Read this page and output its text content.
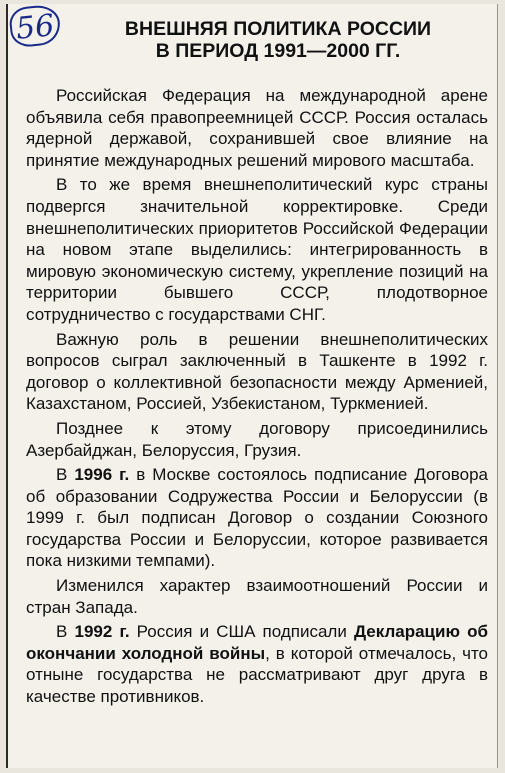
56	ВНЕШНЯЯ ПОЛИТИКА РОССИИ
В ПЕРИОД 1991—2000 ГГ.

Российская Федерация на международной арене объявила себя правопреемницей СССР. Россия осталась ядерной державой, сохранившей свое влияние на принятие международных решений мирового масштаба.

В то же время внешнеполитический курс страны подвергся значительной корректировке. Среди внешнеполитических приоритетов Российской Федерации на новом этапе выделились: интегрированность в мировую экономическую систему, укрепление позиций на территории бывшего СССР, плодотворное сотрудничество с государствами СНГ.

Важную роль в решении внешнеполитических вопросов сыграл заключенный в Ташкенте в 1992 г. договор о коллективной безопасности между Арменией, Казахстаном, Россией, Узбекистаном, Туркменией.

Позднее к этому договору присоединились Азербайджан, Белоруссия, Грузия.

В 1996 г. в Москве состоялось подписание Договора об образовании Содружества России и Белоруссии (в 1999 г. был подписан Договор о создании Союзного государства России и Белоруссии, которое развивается пока низкими темпами).

Изменился характер взаимоотношений России и стран Запада.

В 1992 г. Россия и США подписали Декларацию об окончании холодной войны, в которой отмечалось, что отныне государства не рассматривают друг друга в качестве противников.
